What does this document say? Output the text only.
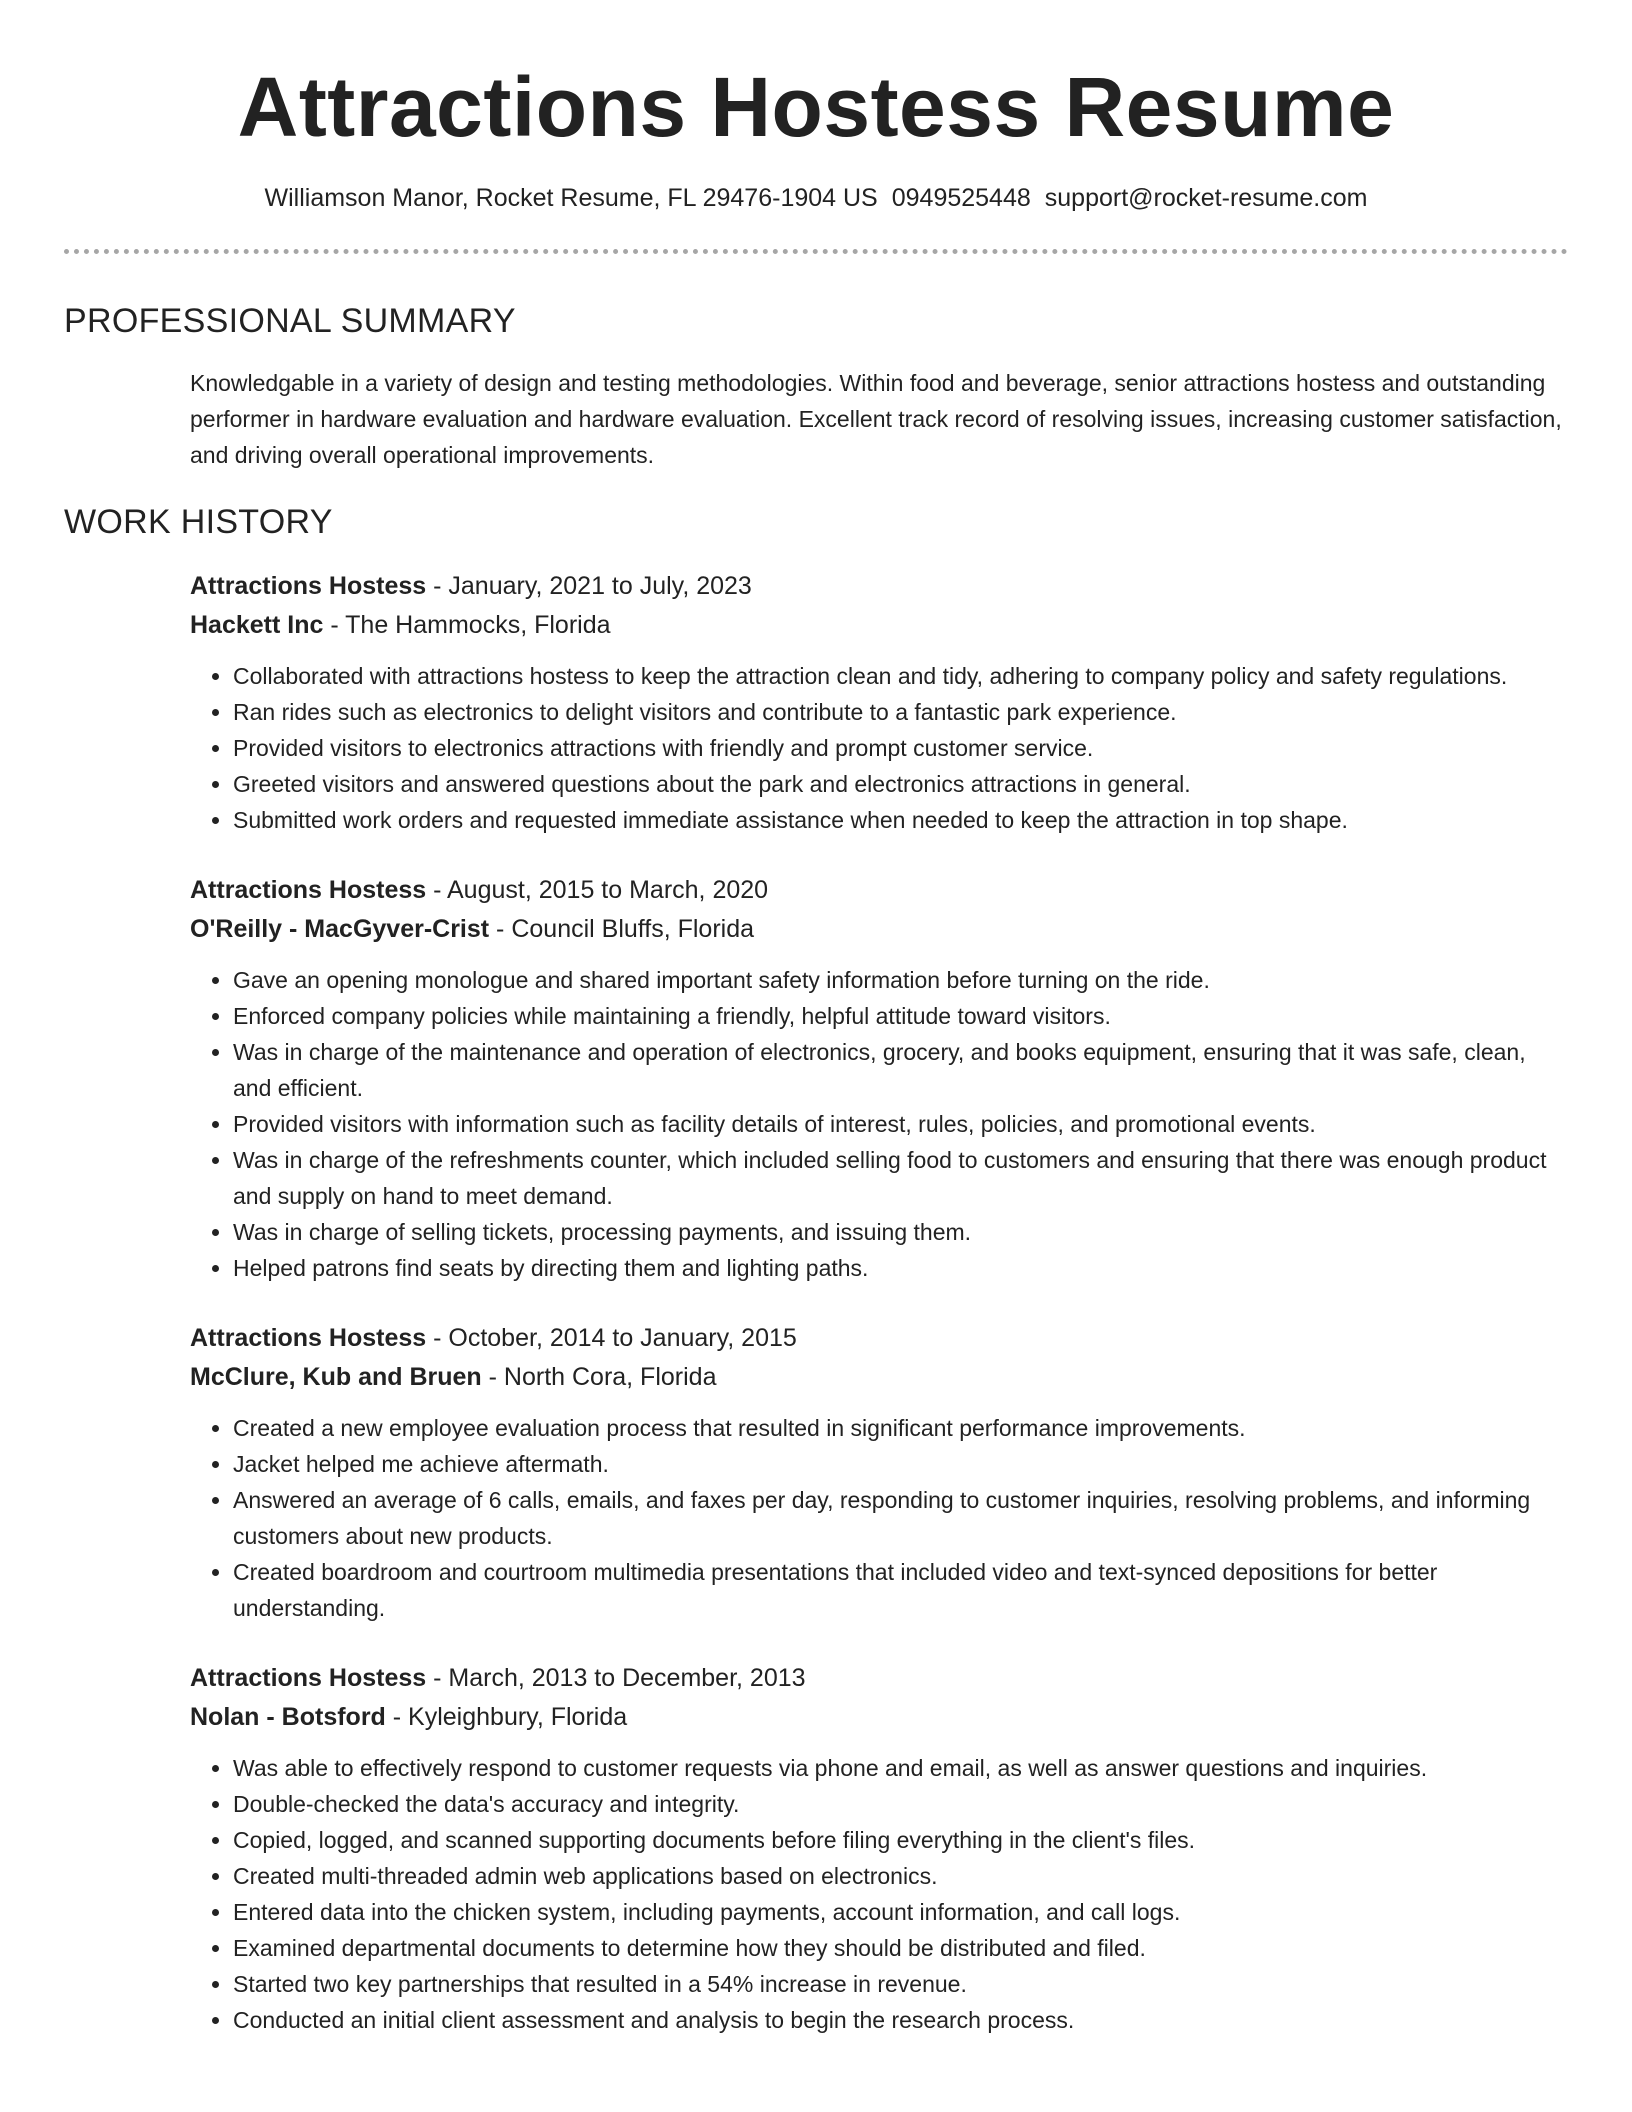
Attractions Hostess Resume
Williamson Manor, Rocket Resume, FL 29476-1904 US 0949525448 support@rocket-resume.com
PROFESSIONAL SUMMARY

Knowledgable in a variety of design and testing methodologies. Within food and beverage, senior attractions hostess and outstanding performer in hardware evaluation and hardware evaluation. Excellent track record of resolving issues, increasing customer satisfaction, and driving overall operational improvements.

WORK HISTORY
Attractions Hostess - January, 2021 to July, 2023
Hackett Inc - The Hammocks, Florida
Collaborated with attractions hostess to keep the attraction clean and tidy, adhering to company policy and safety regulations.
Ran rides such as electronics to delight visitors and contribute to a fantastic park experience.
Provided visitors to electronics attractions with friendly and prompt customer service.
Greeted visitors and answered questions about the park and electronics attractions in general.
Submitted work orders and requested immediate assistance when needed to keep the attraction in top shape.
Attractions Hostess - August, 2015 to March, 2020
O'Reilly - MacGyver-Crist - Council Bluffs, Florida
Gave an opening monologue and shared important safety information before turning on the ride.
Enforced company policies while maintaining a friendly, helpful attitude toward visitors.
Was in charge of the maintenance and operation of electronics, grocery, and books equipment, ensuring that it was safe, clean, and efficient.
Provided visitors with information such as facility details of interest, rules, policies, and promotional events.
Was in charge of the refreshments counter, which included selling food to customers and ensuring that there was enough product and supply on hand to meet demand.
Was in charge of selling tickets, processing payments, and issuing them.
Helped patrons find seats by directing them and lighting paths.
Attractions Hostess - October, 2014 to January, 2015
McClure, Kub and Bruen - North Cora, Florida
Created a new employee evaluation process that resulted in significant performance improvements.
Jacket helped me achieve aftermath.
Answered an average of 6 calls, emails, and faxes per day, responding to customer inquiries, resolving problems, and informing customers about new products.
Created boardroom and courtroom multimedia presentations that included video and text-synced depositions for better understanding.
Attractions Hostess - March, 2013 to December, 2013
Nolan - Botsford - Kyleighbury, Florida
Was able to effectively respond to customer requests via phone and email, as well as answer questions and inquiries.
Double-checked the data's accuracy and integrity.
Copied, logged, and scanned supporting documents before filing everything in the client's files.
Created multi-threaded admin web applications based on electronics.
Entered data into the chicken system, including payments, account information, and call logs.
Examined departmental documents to determine how they should be distributed and filed.
Started two key partnerships that resulted in a 54% increase in revenue.
Conducted an initial client assessment and analysis to begin the research process.
